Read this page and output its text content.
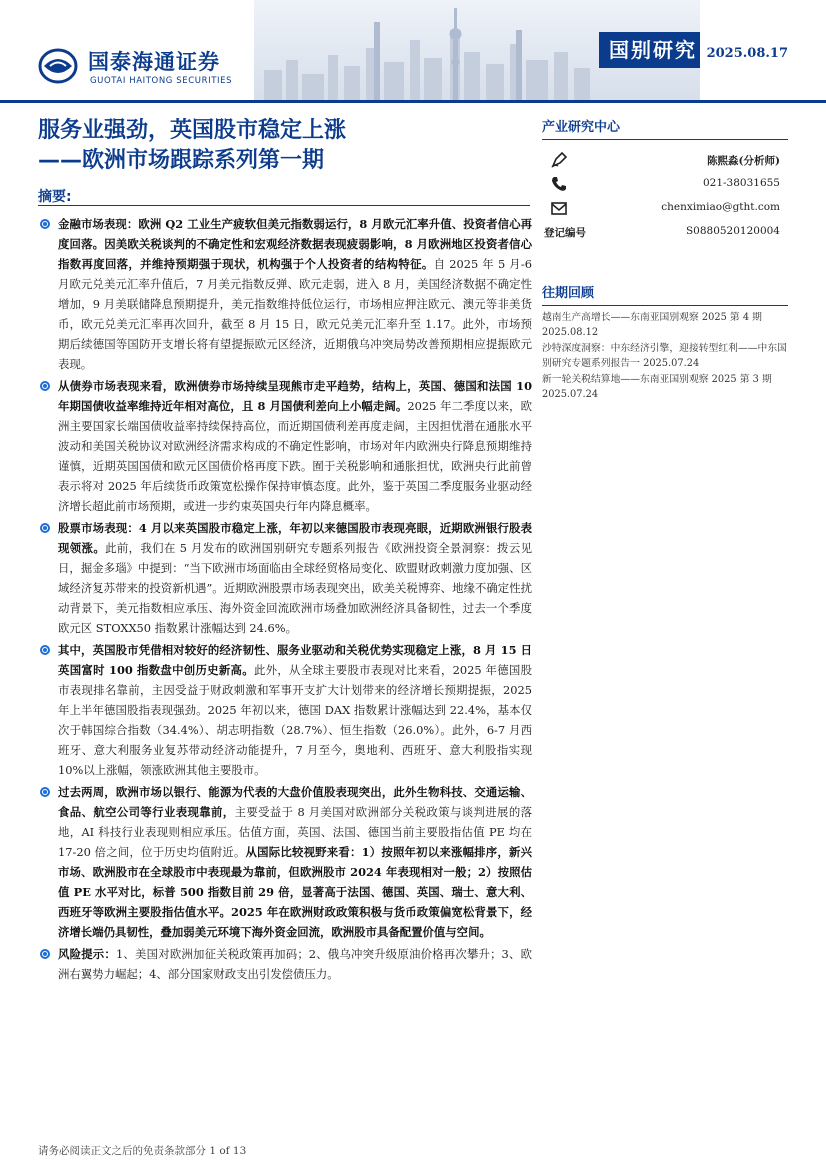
国泰海通证券
GUOTAI HAITONG SECURITIES
国别研究 2025.08.17
服务业强劲，英国股市稳定上涨
——欧洲市场跟踪系列第一期
摘要:
金融市场表现：欧洲 Q2 工业生产疲软但美元指数弱运行，8 月欧元汇率升值、投资者信心再度回落。因美欧关税谈判的不确定性和宏观经济数据表现疲弱影响，8 月欧洲地区投资者信心指数再度回落，并维持预期强于现状，机构强于个人投资者的结构特征。自 2025 年 5 月-6 月欧元兑美元汇率升值后，7 月美元指数反弹、欧元走弱，进入 8 月，美国经济数据不确定性增加，9 月美联储降息预期提升，美元指数维持低位运行，市场相应押注欧元、澳元等非美货币，欧元兑美元汇率再次回升，截至 8 月 15 日，欧元兑美元汇率升至 1.17。此外，市场预期后续德国等国防开支增长将有望提振欧元区经济，近期俄乌冲突局势改善预期相应提振欧元表现。
从债券市场表现来看，欧洲债券市场持续呈现熊市走平趋势，结构上，英国、德国和法国 10 年期国债收益率维持近年相对高位，且 8 月国债利差向上小幅走阔。2025 年二季度以来，欧洲主要国家长端国债收益率持续保持高位，而近期国债利差再度走阔，主因担忧潜在通胀水平波动和美国关税协议对欧洲经济需求构成的不确定性影响，市场对年内欧洲央行降息预期维持谨慎，近期英国国债和欧元区国债价格再度下跌。囿于关税影响和通胀担忧，欧洲央行此前曾表示将对 2025 年后续货币政策宽松操作保持审慎态度。此外，鉴于英国二季度服务业驱动经济增长超此前市场预期，或进一步约束英国央行年内降息概率。
股票市场表现：4 月以来英国股市稳定上涨，年初以来德国股市表现亮眼，近期欧洲银行股表现领涨。此前，我们在 5 月发布的欧洲国别研究专题系列报告《欧洲投资全景洞察：拨云见日，掘金多瑙》中提到：“当下欧洲市场面临由全球经贸格局变化、欧盟财政刺激力度加强、区域经济复苏带来的投资新机遇”。近期欧洲股票市场表现突出，欧美关税博弈、地缘不确定性扰动背景下，美元指数相应承压、海外资金回流欧洲市场叠加欧洲经济具备韧性，过去一个季度欧元区 STOXX50 指数累计涨幅达到 24.6%。
其中，英国股市凭借相对较好的经济韧性、服务业驱动和关税优势实现稳定上涨，8 月 15 日英国富时 100 指数盘中创历史新高。此外，从全球主要股市表现对比来看，2025 年德国股市表现排名靠前，主因受益于财政刺激和军事开支扩大计划带来的经济增长预期提振，2025 年上半年德国股指表现强劲。2025 年初以来，德国 DAX 指数累计涨幅达到 22.4%，基本仅次于韩国综合指数（34.4%）、胡志明指数（28.7%）、恒生指数（26.0%）。此外，6-7 月西班牙、意大利服务业复苏带动经济动能提升，7 月至今，奥地利、西班牙、意大利股指实现 10%以上涨幅，领涨欧洲其他主要股市。
过去两周，欧洲市场以银行、能源为代表的大盘价值股表现突出，此外生物科技、交通运输、食品、航空公司等行业表现靠前，主要受益于 8 月美国对欧洲部分关税政策与谈判进展的落地，AI 科技行业表现则相应承压。估值方面，英国、法国、德国当前主要股指估值 PE 均在 17-20 倍之间，位于历史均值附近。从国际比较视野来看：1）按照年初以来涨幅排序，新兴市场、欧洲股市在全球股市中表现最为靠前，但欧洲股市 2024 年表现相对一般；2）按照估值 PE 水平对比，标普 500 指数目前 29 倍，显著高于法国、德国、英国、瑞士、意大利、西班牙等欧洲主要股指估值水平。2025 年在欧洲财政政策积极与货币政策偏宽松背景下，经济增长端仍具韧性，叠加弱美元环境下海外资金回流，欧洲股市具备配置价值与空间。
风险提示：1、美国对欧洲加征关税政策再加码；2、俄乌冲突升级原油价格再次攀升；3、欧洲右翼势力崛起；4、部分国家财政支出引发偿债压力。
产业研究中心
陈熙淼(分析师)
021-38031655
chenximiao@gtht.com
登记编号	S0880520120004
往期回顾
越南生产高增长——东南亚国别观察 2025 第 4 期 2025.08.12
沙特深度洞察：中东经济引擎，迎接转型红利——中东国别研究专题系列报告一 2025.07.24
新一轮关税结算地——东南亚国别观察 2025 第 3 期 2025.07.24
请务必阅读正文之后的免责条款部分 1 of 13
